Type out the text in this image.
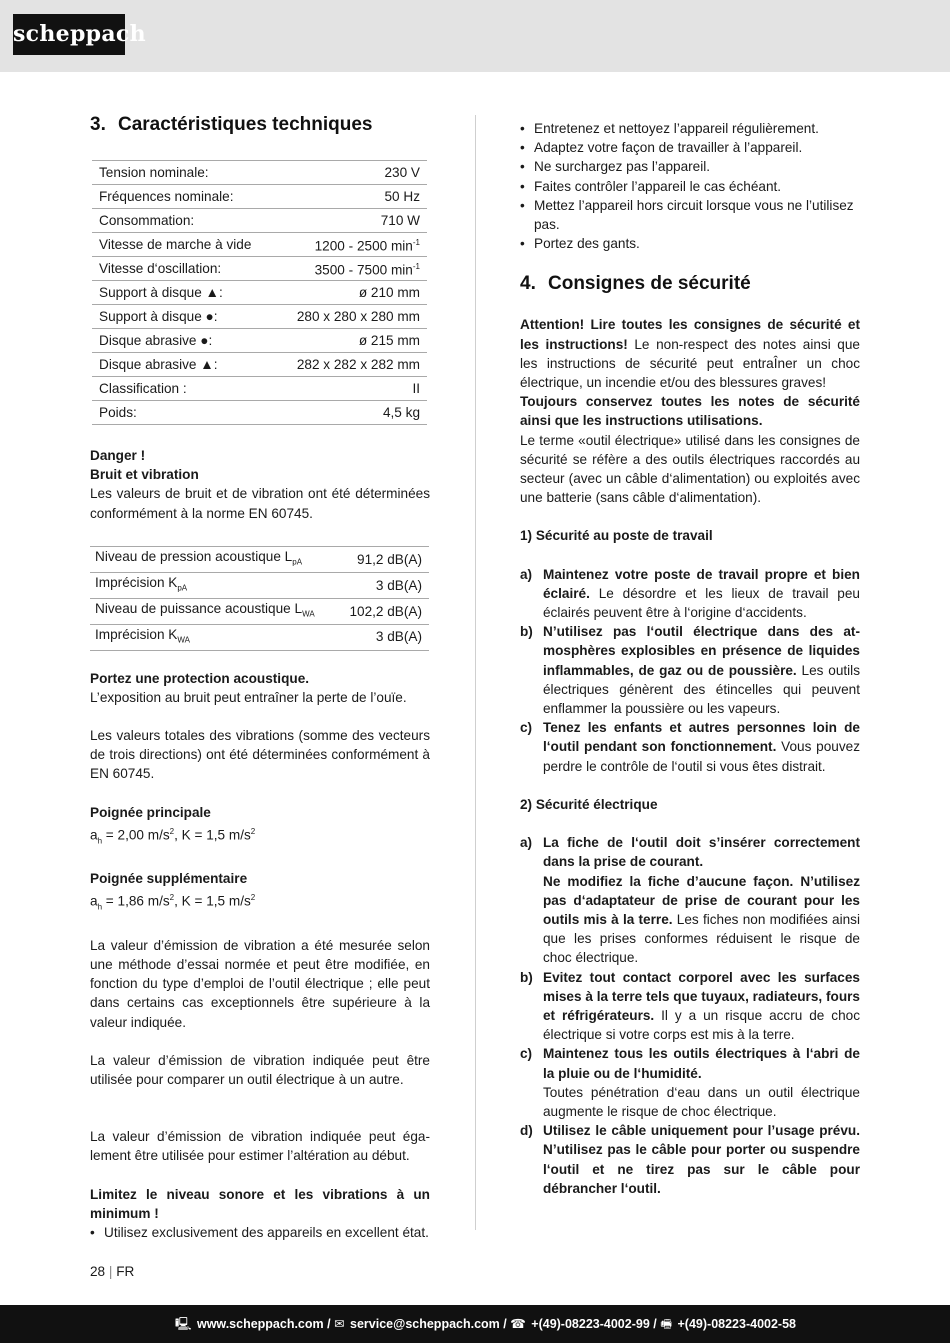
scheppach
3. Caractéristiques techniques
Tension nominale:	230 V
Fréquences nominale:	50 Hz
Consommation:	710 W
Vitesse de marche à vide	1200 - 2500 $\min^{-1}$
Vitesse d‘oscillation:	3500 - 7500 $\min^{-1}$
Support à disque ▲:	ø 210 mm
Support à disque ●:	280 x 280 x 280 mm
Disque abrasive ●:	ø 215 mm
Disque abrasive ▲:	282 x 282 x 282 mm
Classification :	II
Poids:	4,5 kg
Danger !
Bruit et vibration

Les valeurs de bruit et de vibration ont été déterminées conformément à la norme EN 60745.

Niveau de pression acoustique $L_{pA}$	91,2 dB(A)
Imprécision $K_{pA}$	3 dB(A)
Niveau de puissance acoustique $L_{WA}$	102,2 dB(A)
Imprécision $K_{WA}$	3 dB(A)
Portez une protection acoustique.

L’exposition au bruit peut entraîner la perte de l’ouïe.

Les valeurs totales des vibrations (somme des vecteurs de trois directions) ont été déterminées conformément à EN 60745.

Poignée principale
$a_h = 2,00$ $m/s^2$, K = 1,5 $m/s^2$
Poignée supplémentaire
$a_h = 1,86$ $m/s^2$, K = 1,5 $m/s^2$

La valeur d’émission de vibration a été mesurée selon une méthode d’essai normée et peut être modifiée, en fonction du type d’emploi de l’outil électrique ; elle peut dans certains cas exceptionnels être supérieure à la valeur indiquée.

La valeur d’émission de vibration indiquée peut être utilisée pour comparer un outil électrique à un autre.

La valeur d’émission de vibration indiquée peut également être utilisée pour estimer l’altération au début.

Limitez le niveau sonore et les vibrations à un minimum !

• Utilisez exclusivement des appareils en excellent état.
• Entretenez et nettoyez l’appareil régulièrement.
• Adaptez votre façon de travailler à l’appareil.
• Ne surchargez pas l’appareil.
• Faites contrôler l’appareil le cas échéant.
• Mettez l’appareil hors circuit lorsque vous ne l’utilisez pas.
• Portez des gants.
4. Consignes de sécurité

Attention! Lire toutes les consignes de sécurité et les instructions! Le non-respect des notes ainsi que les instructions de sécurité peut entraÎner un choc électrique, un incendie et/ou des blessures graves!

Toujours conservez toutes les notes de sécurité ainsi que les instructions utilisations.

Le terme «outil électrique» utilisé dans les consignes de sécurité se réfère a des outils électriques raccordés au secteur (avec un câble d‘alimentation) ou exploités avec une batterie (sans câble d‘alimentation).

1) Sécurité au poste de travail
a) Maintenez votre poste de travail propre et bien éclairé. Le désordre et les lieux de travail peu éclairés peuvent être à l‘origine d‘accidents.
b) N’utilisez pas l‘outil électrique dans des atmosphères explosibles en présence de liquides inflammables, de gaz ou de poussière. Les outils électriques génèrent des étincelles qui peuvent enflammer la poussière ou les vapeurs.
c) Tenez les enfants et autres personnes loin de l‘outil pendant son fonctionnement. Vous pouvez perdre le contrôle de l‘outil si vous êtes distrait.
2) Sécurité électrique
a) La fiche de l‘outil doit s’insérer correctement dans la prise de courant.
Ne modifiez la fiche d’aucune façon. N’utilisez pas d‘adaptateur de prise de courant pour les outils mis à la terre. Les fiches non modifiées ainsi que les prises conformes réduisent le risque de choc électrique.
b) Evitez tout contact corporel avec les surfaces mises à la terre tels que tuyaux, radiateurs, fours et réfrigérateurs. Il y a un risque accru de choc électrique si votre corps est mis à la terre.
c) Maintenez tous les outils électriques à l‘abri de la pluie ou de l‘humidité.
Toutes pénétration d‘eau dans un outil électrique augmente le risque de choc électrique.
d) Utilisez le câble uniquement pour l’usage prévu. N’utilisez pas le câble pour porter ou suspendre l‘outil et ne tirez pas sur le câble pour débrancher l‘outil.
28 | FR
🖳 www.scheppach.com / ✉ service@scheppach.com / ☎ +(49)-08223-4002-99 / 🖷 +(49)-08223-4002-58
